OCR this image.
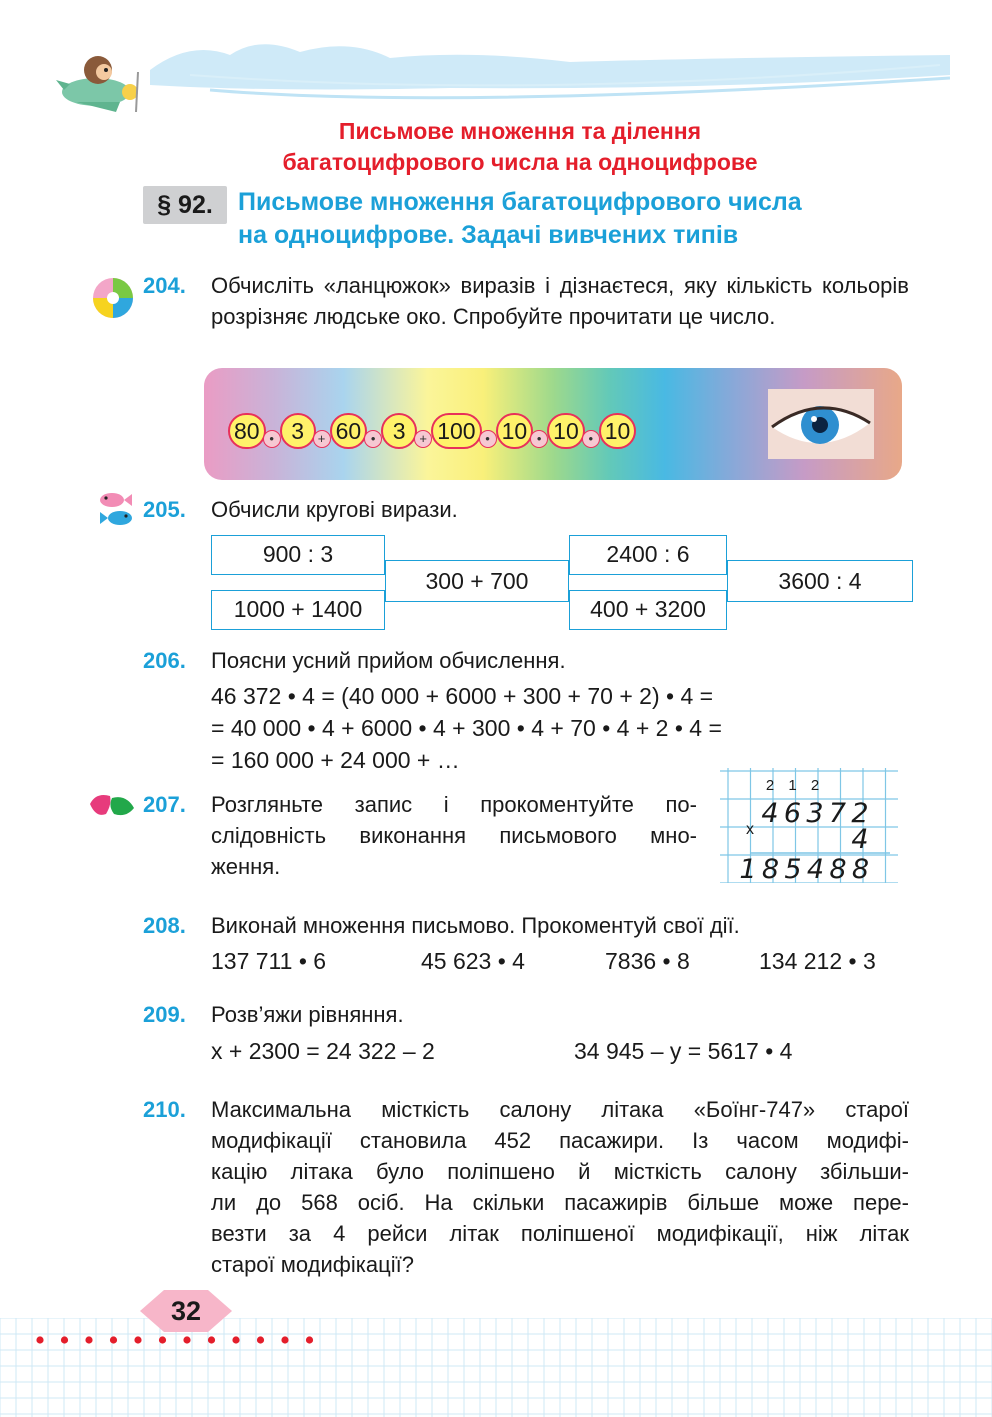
Письмове множення та ділення
багатоцифрового числа на одноцифрове
§ 92.	Письмове множення багатоцифрового числа
на одноцифрове. Задачі вивчених типів
204.	Обчисліть «ланцюжок» виразів і дізнаєтеся, яку кількість кольорів розрізняє людське око. Спробуйте прочитати це число.
80 • 3	+ 60 • 3	+ 100 • 10 • 10 • 10
205.	Обчисли кругові вирази.
900 : 3
1000 + 1400
300 + 700
2400 : 6
400 + 3200
3600 : 4
206.	Поясни усний прийом обчислення.
46 372 • 4 = (40 000 + 6000 + 300 + 70 + 2) • 4 =
= 40 000 • 4 + 6000 • 4 + 300 • 4 + 70 • 4 + 2 • 4 =
= 160 000 + 24 000 + …
207.	Розгляньте запис і прокоментуйте по-
слідовність виконання письмового мно-
ження.
2 1 2
4 6 3 7 2
x	4
1 8 5 4 8 8
208.	Виконай множення письмово. Прокоментуй свої дії.
137 711 • 6	45 623 • 4	7836 • 8	134 212 • 3
209.	Розв’яжи рівняння.
x + 2300 = 24 322 – 2	34 945 – y = 5617 • 4
210.	Максимальна місткість салону літака «Боїнг-747» старої
модифікації становила 452 пасажири. Із часом модифі-
кацію літака було поліпшено й місткість салону збільши-
ли до 568 осіб. На скільки пасажирів більше може пере-
везти за 4 рейси літак поліпшеної модифікації, ніж літак
старої модифікації?
32
